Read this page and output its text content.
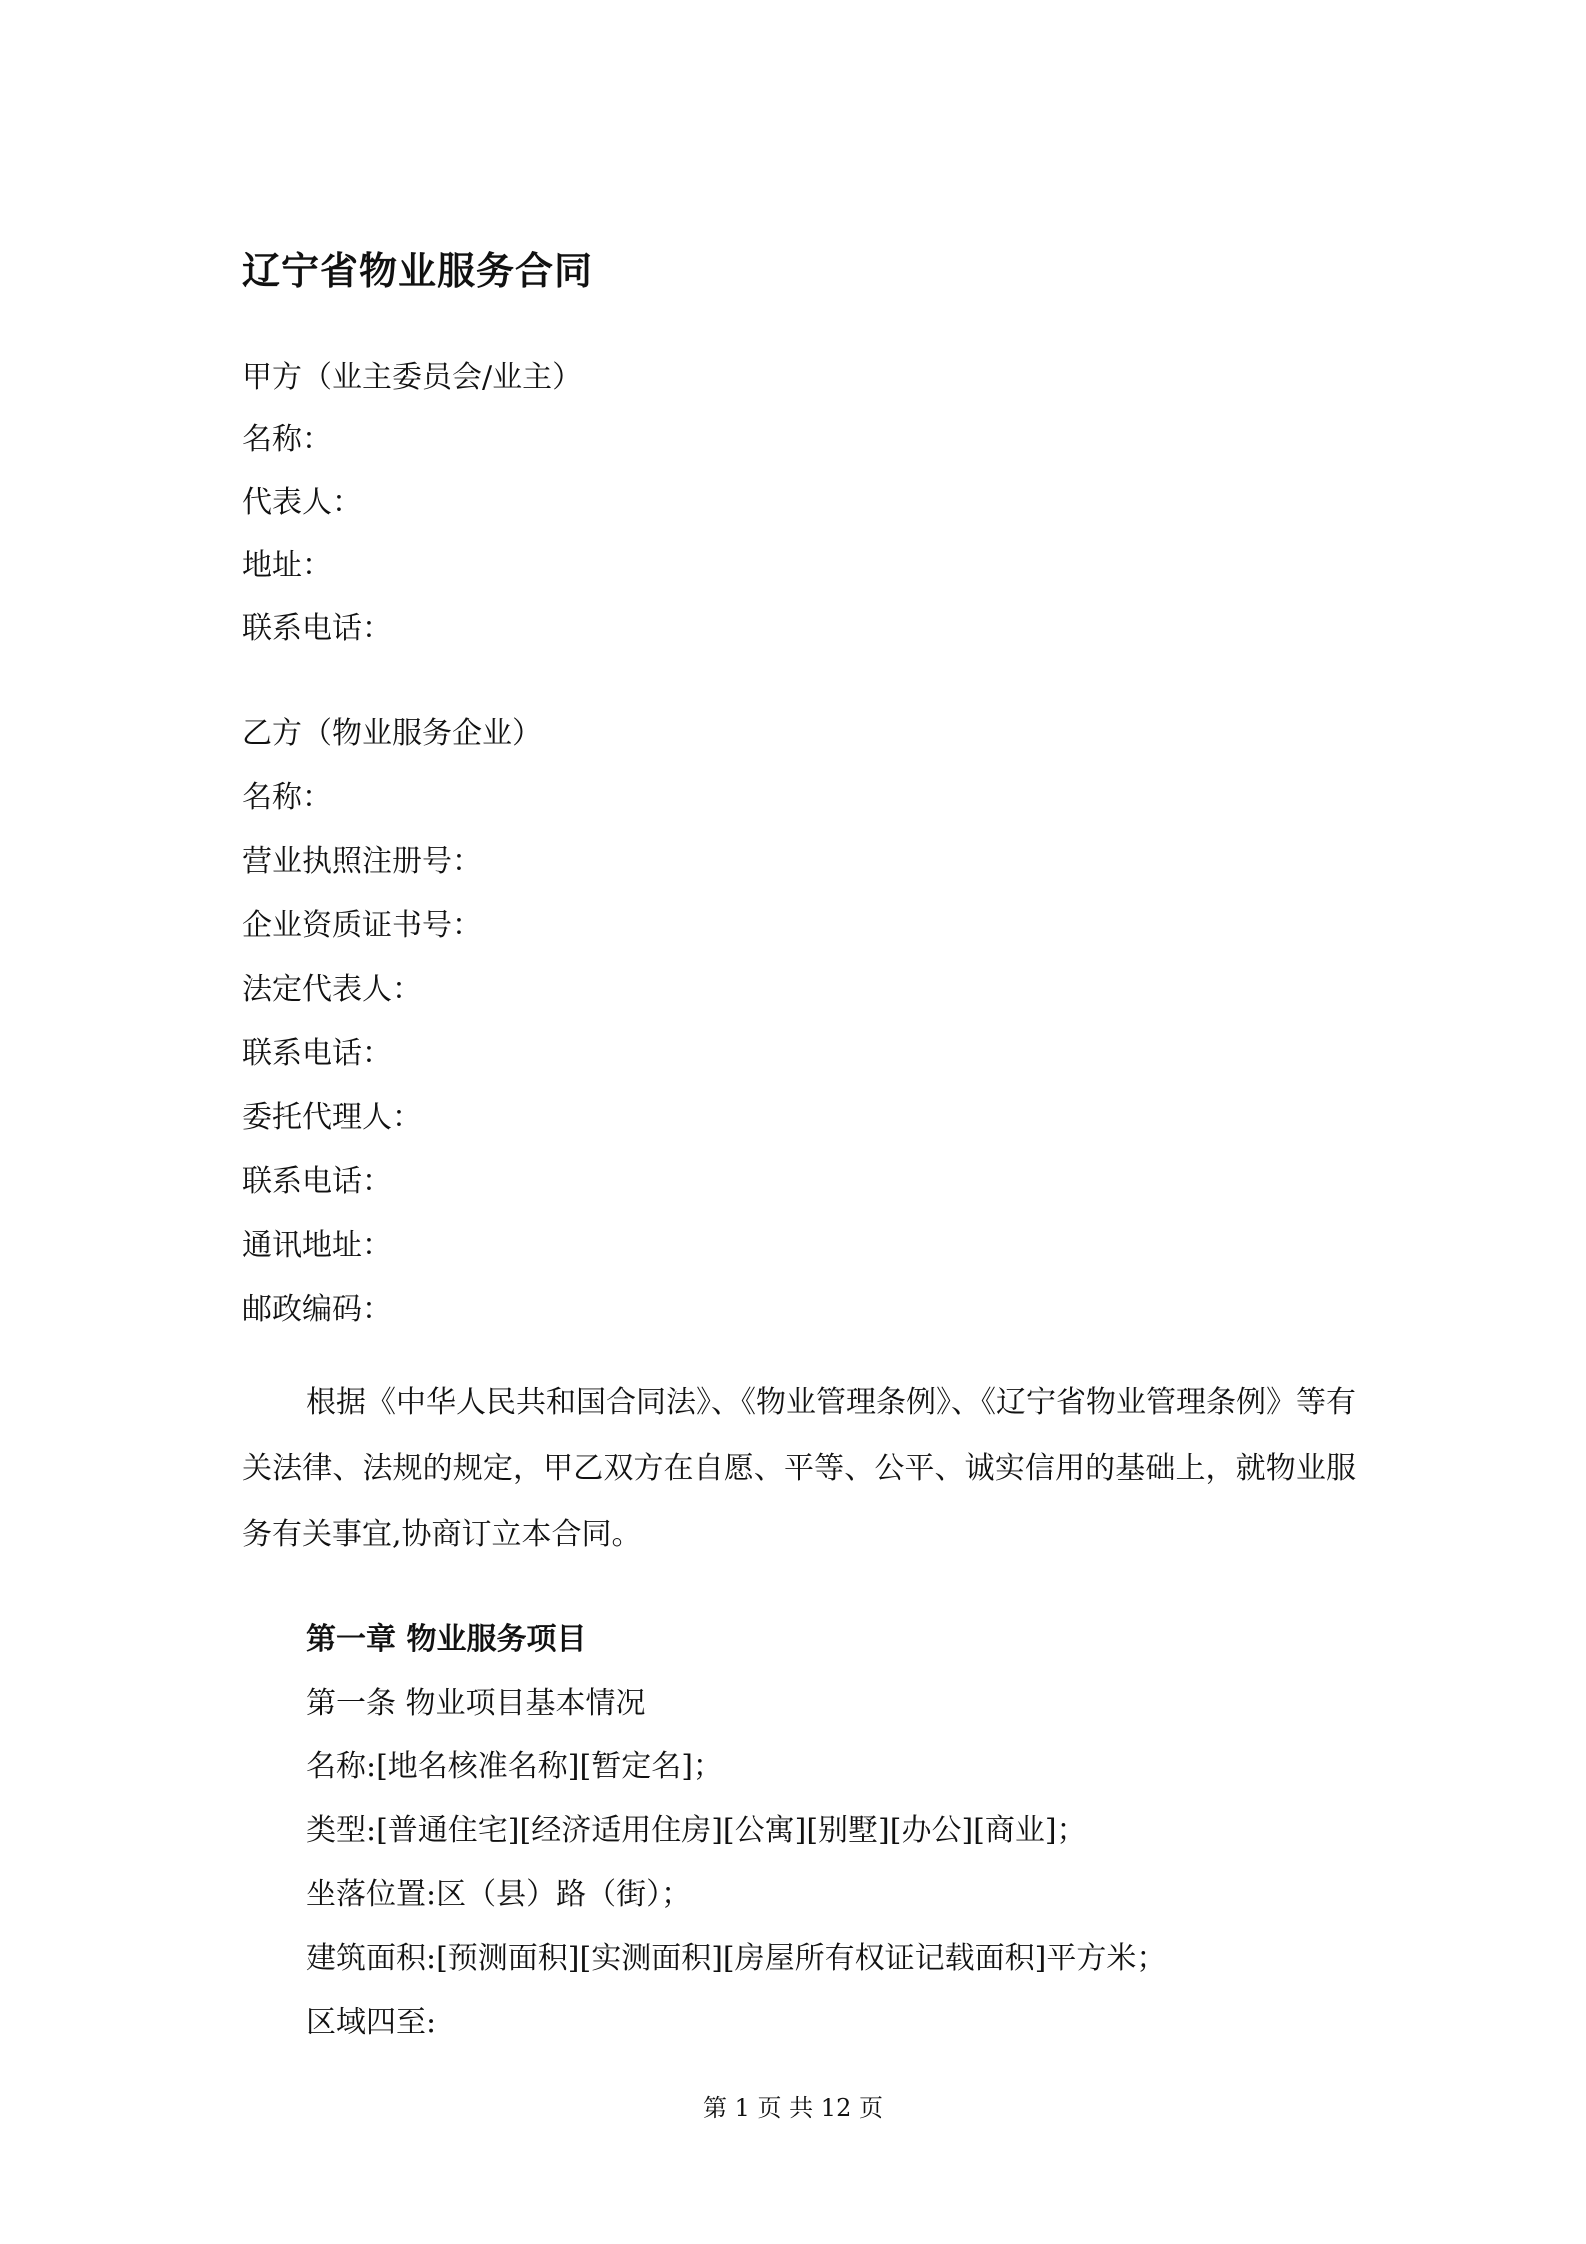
辽宁省物业服务合同
甲方（业主委员会/业主）
名称：
代表人：
地址：
联系电话：
乙方（物业服务企业）
名称：
营业执照注册号：
企业资质证书号：
法定代表人：
联系电话：
委托代理人：
联系电话：
通讯地址：
邮政编码：
根据《中华人民共和国合同法》、《物业管理条例》、《辽宁省物业管理条例》等有关法律、法规的规定，甲乙双方在自愿、平等、公平、诚实信用的基础上，就物业服务有关事宜,协商订立本合同。
第一章 物业服务项目
第一条 物业项目基本情况
名称:[地名核准名称][暂定名]；
类型:[普通住宅][经济适用住房][公寓][别墅][办公][商业]；
坐落位置:区（县）路（街）；
建筑面积:[预测面积][实测面积][房屋所有权证记载面积]平方米；
区域四至:
第 1 页 共 12 页
